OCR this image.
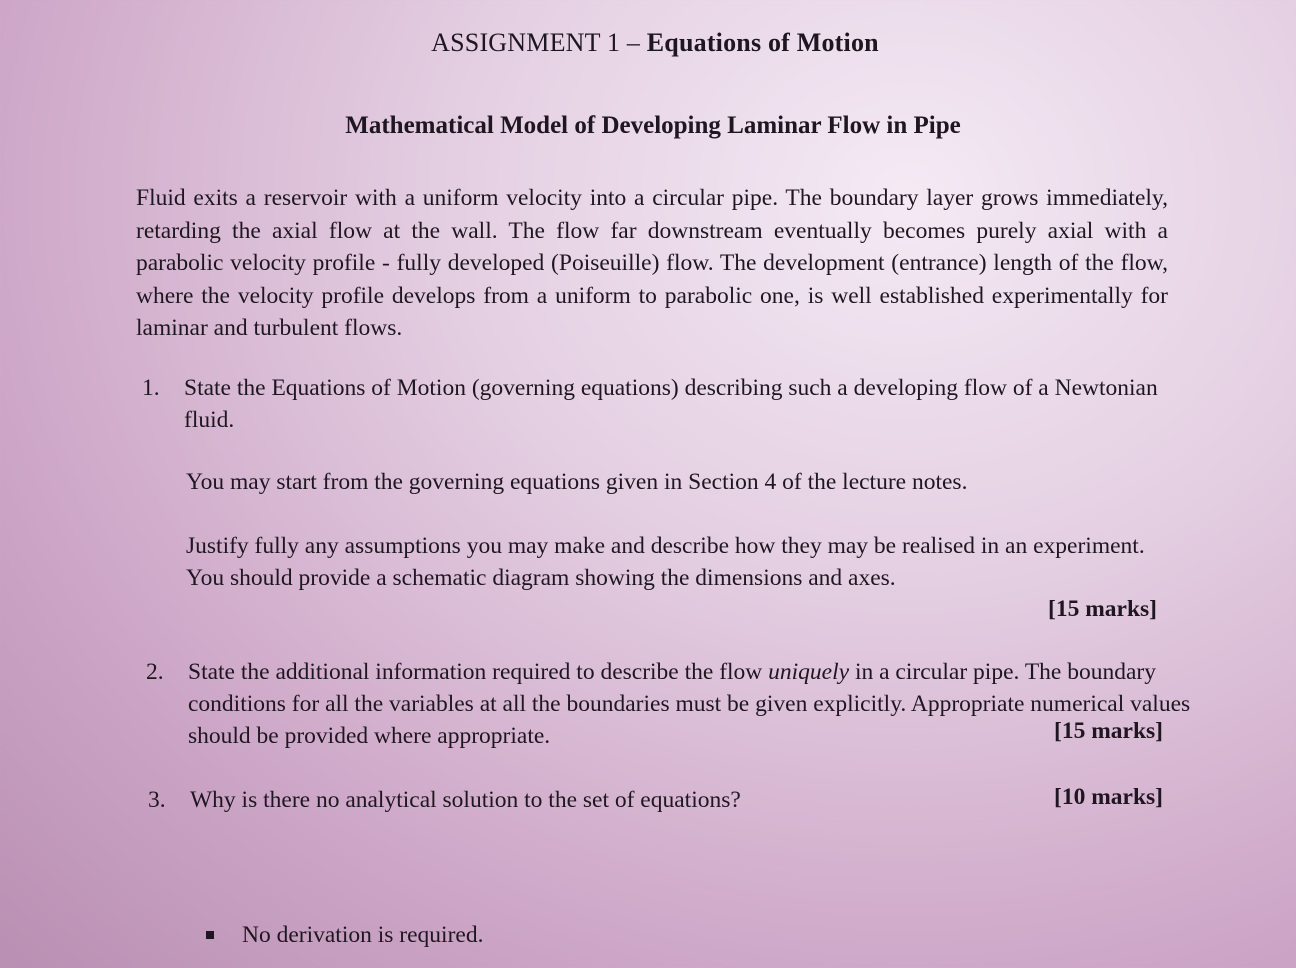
ASSIGNMENT 1 – Equations of Motion
Mathematical Model of Developing Laminar Flow in Pipe
Fluid exits a reservoir with a uniform velocity into a circular pipe. The boundary layer grows immediately, retarding the axial flow at the wall. The flow far downstream eventually becomes purely axial with a parabolic velocity profile - fully developed (Poiseuille) flow. The development (entrance) length of the flow, where the velocity profile develops from a uniform to parabolic one, is well established experimentally for laminar and turbulent flows.
1. State the Equations of Motion (governing equations) describing such a developing flow of a Newtonian fluid.
You may start from the governing equations given in Section 4 of the lecture notes.
Justify fully any assumptions you may make and describe how they may be realised in an experiment. You should provide a schematic diagram showing the dimensions and axes.
[15 marks]
2. State the additional information required to describe the flow uniquely in a circular pipe. The boundary conditions for all the variables at all the boundaries must be given explicitly. Appropriate numerical values should be provided where appropriate.	[15 marks]
3. Why is there no analytical solution to the set of equations?	[10 marks]
No derivation is required.
